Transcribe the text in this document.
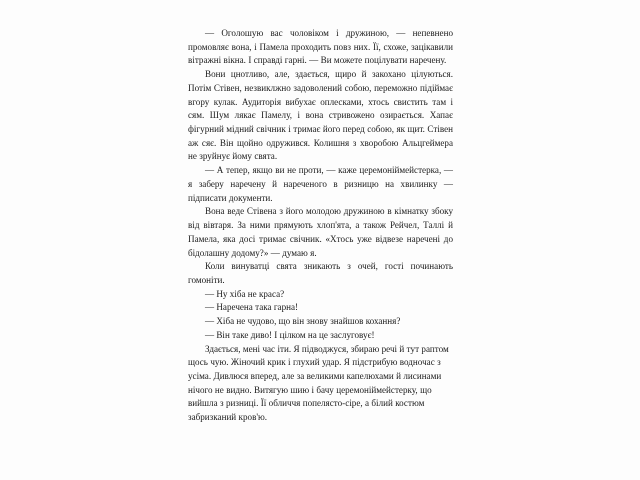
— Оголошую вас чоловіком і дружиною, — непевнено промовляє вона, і Памела проходить повз них. Її, схоже, зацікавили вітражні вікна. І справді гарні. — Ви можете поцілувати наречену.

Вони цнотливо, але, здається, щиро й закохано цілуються. Потім Стівен, незвиклжно задоволений собою, переможно підіймає вгору кулак. Аудиторія вибухає оплесками, хтось свистить там і сям. Шум лякає Памелу, і вона стривожено озирається. Хапає фігурний мідний свічник і тримає його перед собою, як щит. Стівен аж сяє. Він щойно одружився. Колишня з хворобою Альцгеймера не зруйнує йому свята.

— А тепер, якщо ви не проти, — каже церемоніймейстерка, — я заберу наречену й нареченого в ризницю на хвилинку — підписати документи.

Вона веде Стівена з його молодою дружиною в кімнатку збоку від вівтаря. За ними прямують хлоп'ята, а також Рейчел, Таллі й Памела, яка досі тримає свічник. «Хтось уже відвезе наречені до бідолашну додому?» — думаю я.

Коли винуватці свята зникають з очей, гості починають гомоніти.

— Ну хіба не краса?

— Наречена така гарна!

— Хіба не чудово, що він знову знайшов кохання?

— Він таке диво! І цілком на це заслуговує!

Здається, мені час іти. Я підводжуся, збираю речі й тут раптом щось чую. Жіночий крик і глухий удар. Я підстрибую водночас з усіма. Дивлюся вперед, але за великими капелюхами й лисинами нічого не видно. Витягую шию і бачу церемоніймейстерку, що вийшла з ризниці. Її обличчя попелясто-сіре, а білий костюм забризканий кров'ю.
